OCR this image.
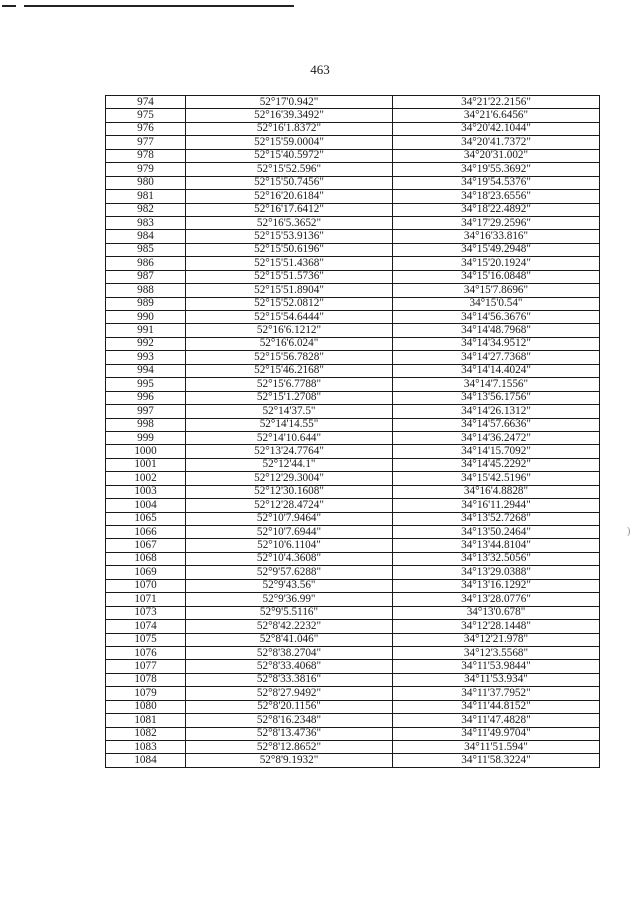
463
974	52°17'0.942"	34°21'22.2156"
975	52°16'39.3492"	34°21'6.6456"
976	52°16'1.8372"	34°20'42.1044"
977	52°15'59.0004"	34°20'41.7372"
978	52°15'40.5972"	34°20'31.002"
979	52°15'52.596"	34°19'55.3692"
980	52°15'50.7456"	34°19'54.5376"
981	52°16'20.6184"	34°18'23.6556"
982	52°16'17.6412"	34°18'22.4892"
983	52°16'5.3652"	34°17'29.2596"
984	52°15'53.9136"	34°16'33.816"
985	52°15'50.6196"	34°15'49.2948"
986	52°15'51.4368"	34°15'20.1924"
987	52°15'51.5736"	34°15'16.0848"
988	52°15'51.8904"	34°15'7.8696"
989	52°15'52.0812"	34°15'0.54"
990	52°15'54.6444"	34°14'56.3676"
991	52°16'6.1212"	34°14'48.7968"
992	52°16'6.024"	34°14'34.9512"
993	52°15'56.7828"	34°14'27.7368"
994	52°15'46.2168"	34°14'14.4024"
995	52°15'6.7788"	34°14'7.1556"
996	52°15'1.2708"	34°13'56.1756"
997	52°14'37.5"	34°14'26.1312"
998	52°14'14.55"	34°14'57.6636"
999	52°14'10.644"	34°14'36.2472"
1000	52°13'24.7764"	34°14'15.7092"
1001	52°12'44.1"	34°14'45.2292"
1002	52°12'29.3004"	34°15'42.5196"
1003	52°12'30.1608"	34°16'4.8828"
1004	52°12'28.4724"	34°16'11.2944"
1065	52°10'7.9464"	34°13'52.7268"
1066	52°10'7.6944"	34°13'50.2464"
1067	52°10'6.1104"	34°13'44.8104"
1068	52°10'4.3608"	34°13'32.5056"
1069	52°9'57.6288"	34°13'29.0388"
1070	52°9'43.56"	34°13'16.1292"
1071	52°9'36.99"	34°13'28.0776"
1073	52°9'5.5116"	34°13'0.678"
1074	52°8'42.2232"	34°12'28.1448"
1075	52°8'41.046"	34°12'21.978"
1076	52°8'38.2704"	34°12'3.5568"
1077	52°8'33.4068"	34°11'53.9844"
1078	52°8'33.3816"	34°11'53.934"
1079	52°8'27.9492"	34°11'37.7952"
1080	52°8'20.1156"	34°11'44.8152"
1081	52°8'16.2348"	34°11'47.4828"
1082	52°8'13.4736"	34°11'49.9704"
1083	52°8'12.8652"	34°11'51.594"
1084	52°8'9.1932"	34°11'58.3224"
)
